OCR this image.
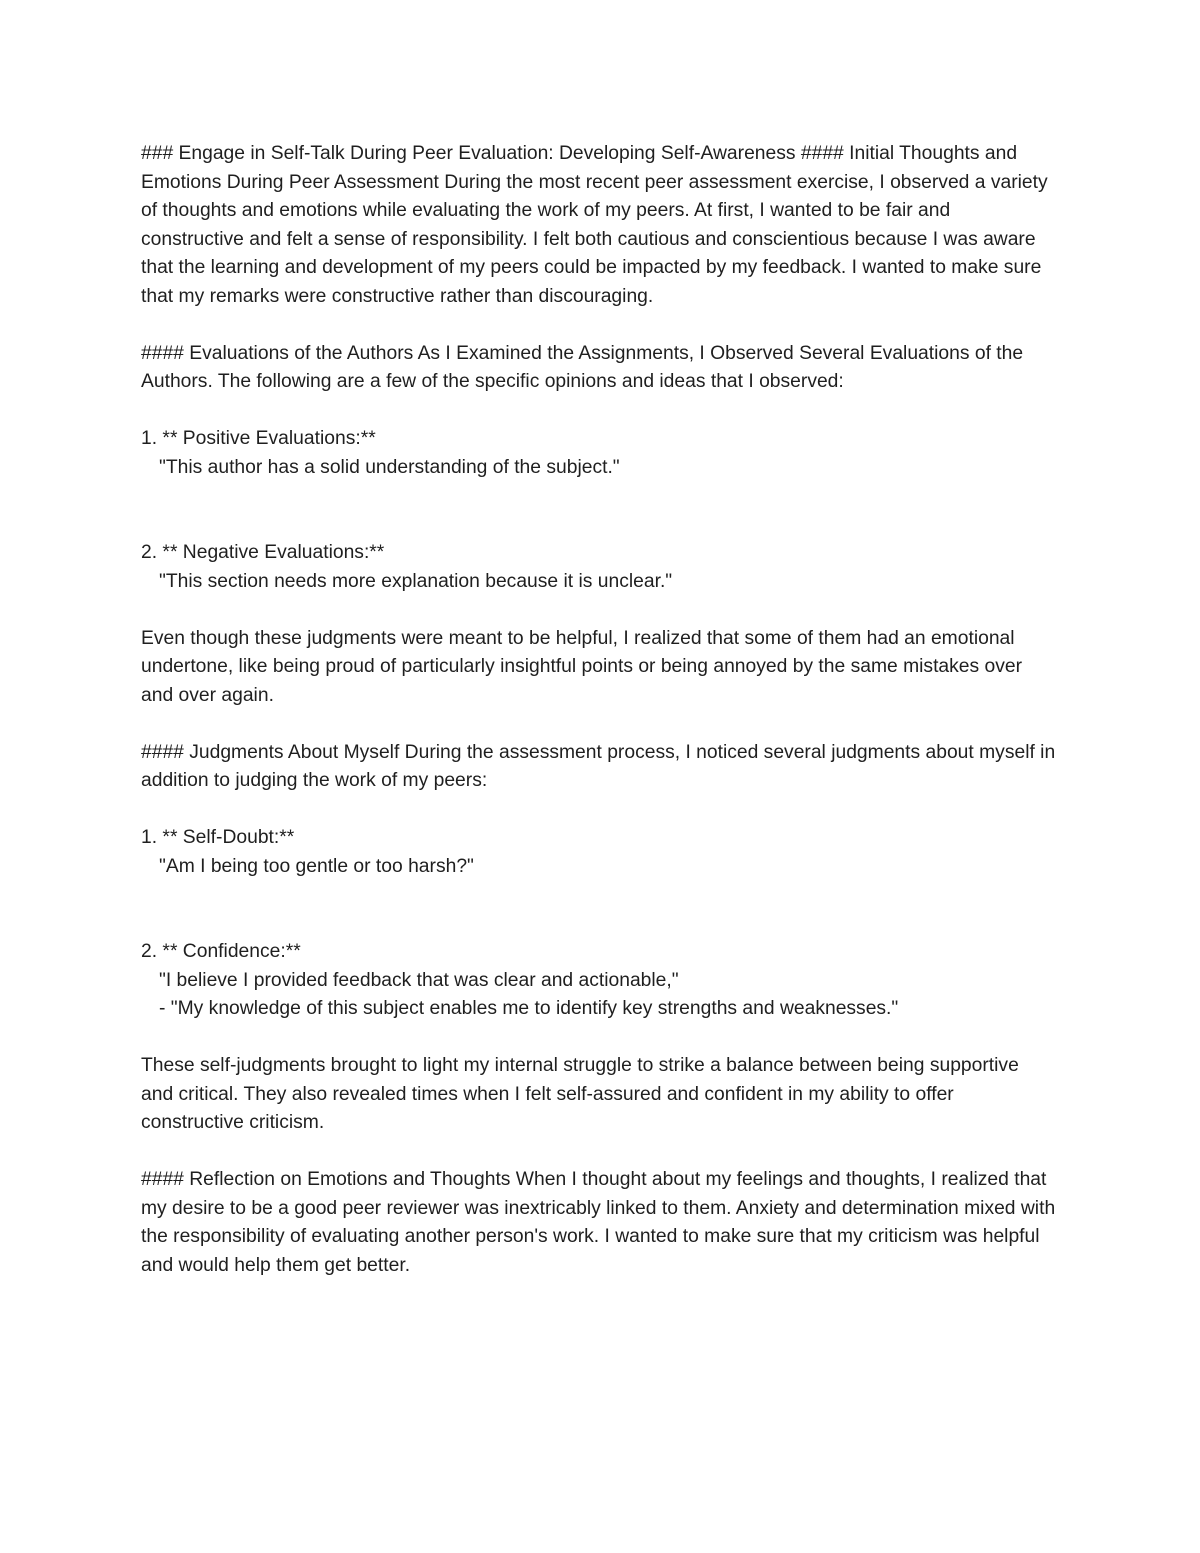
### Engage in Self-Talk During Peer Evaluation: Developing Self-Awareness #### Initial Thoughts and Emotions During Peer Assessment During the most recent peer assessment exercise, I observed a variety of thoughts and emotions while evaluating the work of my peers. At first, I wanted to be fair and constructive and felt a sense of responsibility. I felt both cautious and conscientious because I was aware that the learning and development of my peers could be impacted by my feedback. I wanted to make sure that my remarks were constructive rather than discouraging.

#### Evaluations of the Authors As I Examined the Assignments, I Observed Several Evaluations of the Authors. The following are a few of the specific opinions and ideas that I observed:

1. ** Positive Evaluations:**

"This author has a solid understanding of the subject."

2. ** Negative Evaluations:**

"This section needs more explanation because it is unclear."

Even though these judgments were meant to be helpful, I realized that some of them had an emotional undertone, like being proud of particularly insightful points or being annoyed by the same mistakes over and over again.

#### Judgments About Myself During the assessment process, I noticed several judgments about myself in addition to judging the work of my peers:

1. ** Self-Doubt:**

"Am I being too gentle or too harsh?"

2. ** Confidence:**

"I believe I provided feedback that was clear and actionable,"

- "My knowledge of this subject enables me to identify key strengths and weaknesses."

These self-judgments brought to light my internal struggle to strike a balance between being supportive and critical. They also revealed times when I felt self-assured and confident in my ability to offer constructive criticism.

#### Reflection on Emotions and Thoughts When I thought about my feelings and thoughts, I realized that my desire to be a good peer reviewer was inextricably linked to them. Anxiety and determination mixed with the responsibility of evaluating another person's work. I wanted to make sure that my criticism was helpful and would help them get better.
